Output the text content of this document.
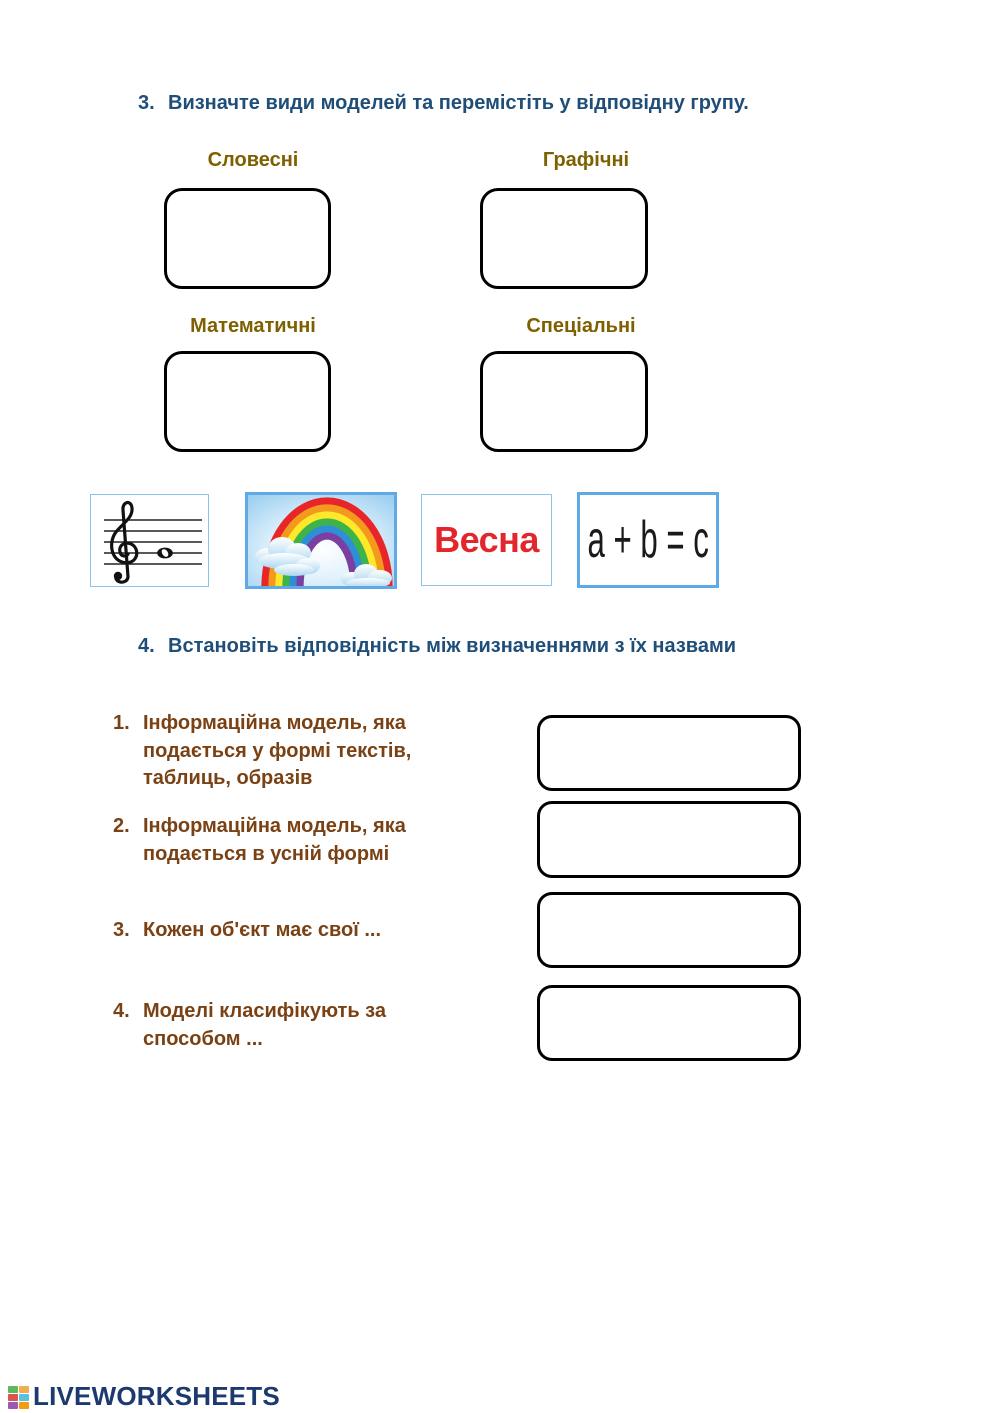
3. Визначте види моделей та перемістіть у відповідну групу.
Словесні	Графічні
Математичні	Спеціальні
Весна a + b = c
4. Встановіть відповідність між визначеннями з їх назвами
1. Інформаційна модель, яка
подається у формі текстів,
таблиць, образів
2. Інформаційна модель, яка
подається в усній формі
3. Кожен об'єкт має свої ...
4. Моделі класифікують за
способом ...
LIVEWORKSHEETS
